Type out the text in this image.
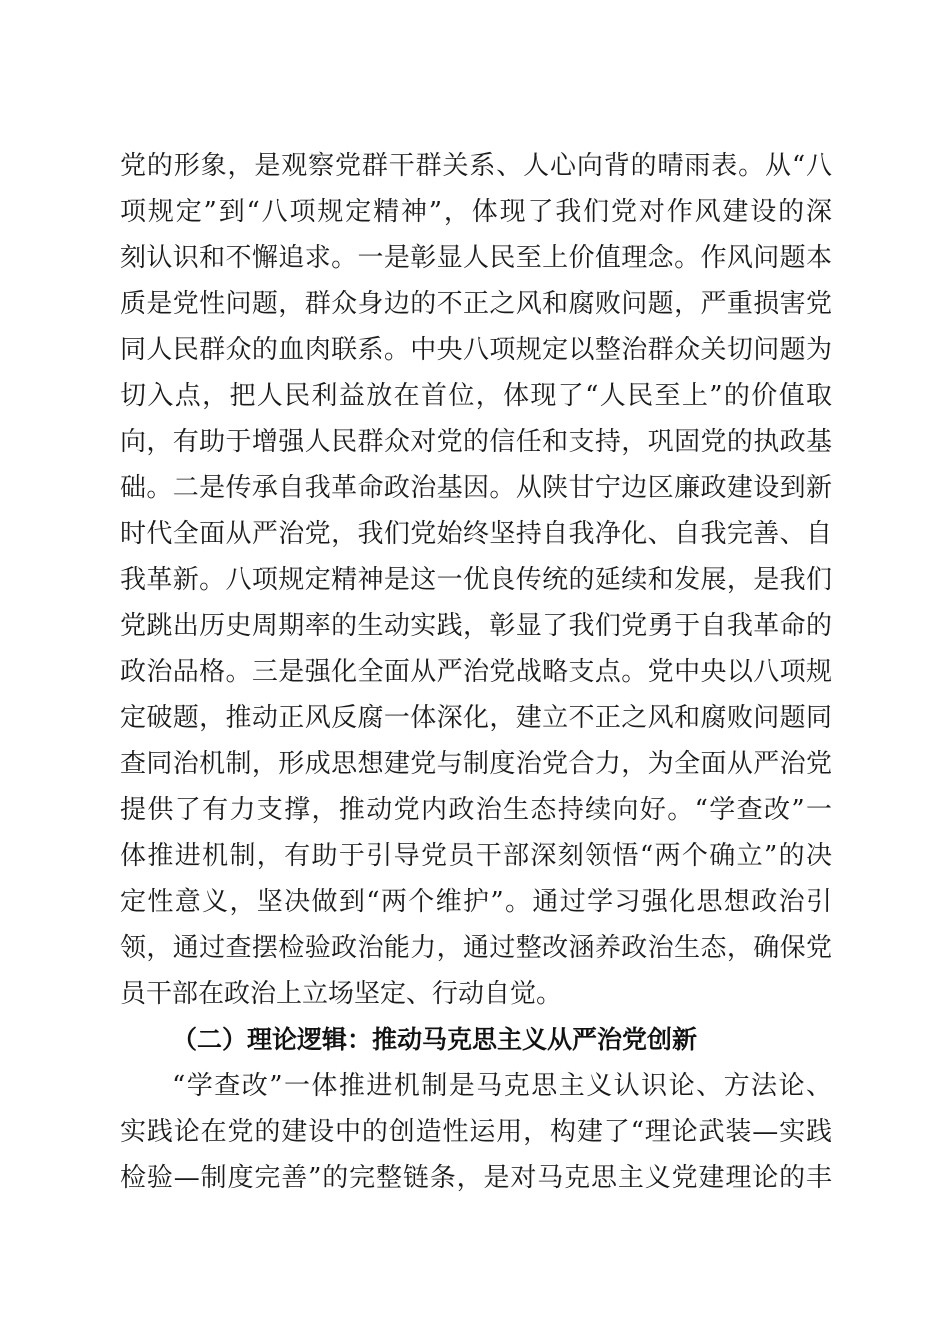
党的形象，是观察党群干群关系、人心向背的晴雨表。从“八
项规定”到“八项规定精神”，体现了我们党对作风建设的深
刻认识和不懈追求。一是彰显人民至上价值理念。作风问题本
质是党性问题，群众身边的不正之风和腐败问题，严重损害党
同人民群众的血肉联系。中央八项规定以整治群众关切问题为
切入点，把人民利益放在首位，体现了“人民至上”的价值取
向，有助于增强人民群众对党的信任和支持，巩固党的执政基
础。二是传承自我革命政治基因。从陕甘宁边区廉政建设到新
时代全面从严治党，我们党始终坚持自我净化、自我完善、自
我革新。八项规定精神是这一优良传统的延续和发展，是我们
党跳出历史周期率的生动实践，彰显了我们党勇于自我革命的
政治品格。三是强化全面从严治党战略支点。党中央以八项规
定破题，推动正风反腐一体深化，建立不正之风和腐败问题同
查同治机制，形成思想建党与制度治党合力，为全面从严治党
提供了有力支撑，推动党内政治生态持续向好。“学查改”一
体推进机制，有助于引导党员干部深刻领悟“两个确立”的决
定性意义，坚决做到“两个维护”。通过学习强化思想政治引
领，通过查摆检验政治能力，通过整改涵养政治生态，确保党
员干部在政治上立场坚定、行动自觉。
（二）理论逻辑：推动马克思主义从严治党创新
“学查改”一体推进机制是马克思主义认识论、方法论、
实践论在党的建设中的创造性运用，构建了“理论武装—实践
检验—制度完善”的完整链条，是对马克思主义党建理论的丰
